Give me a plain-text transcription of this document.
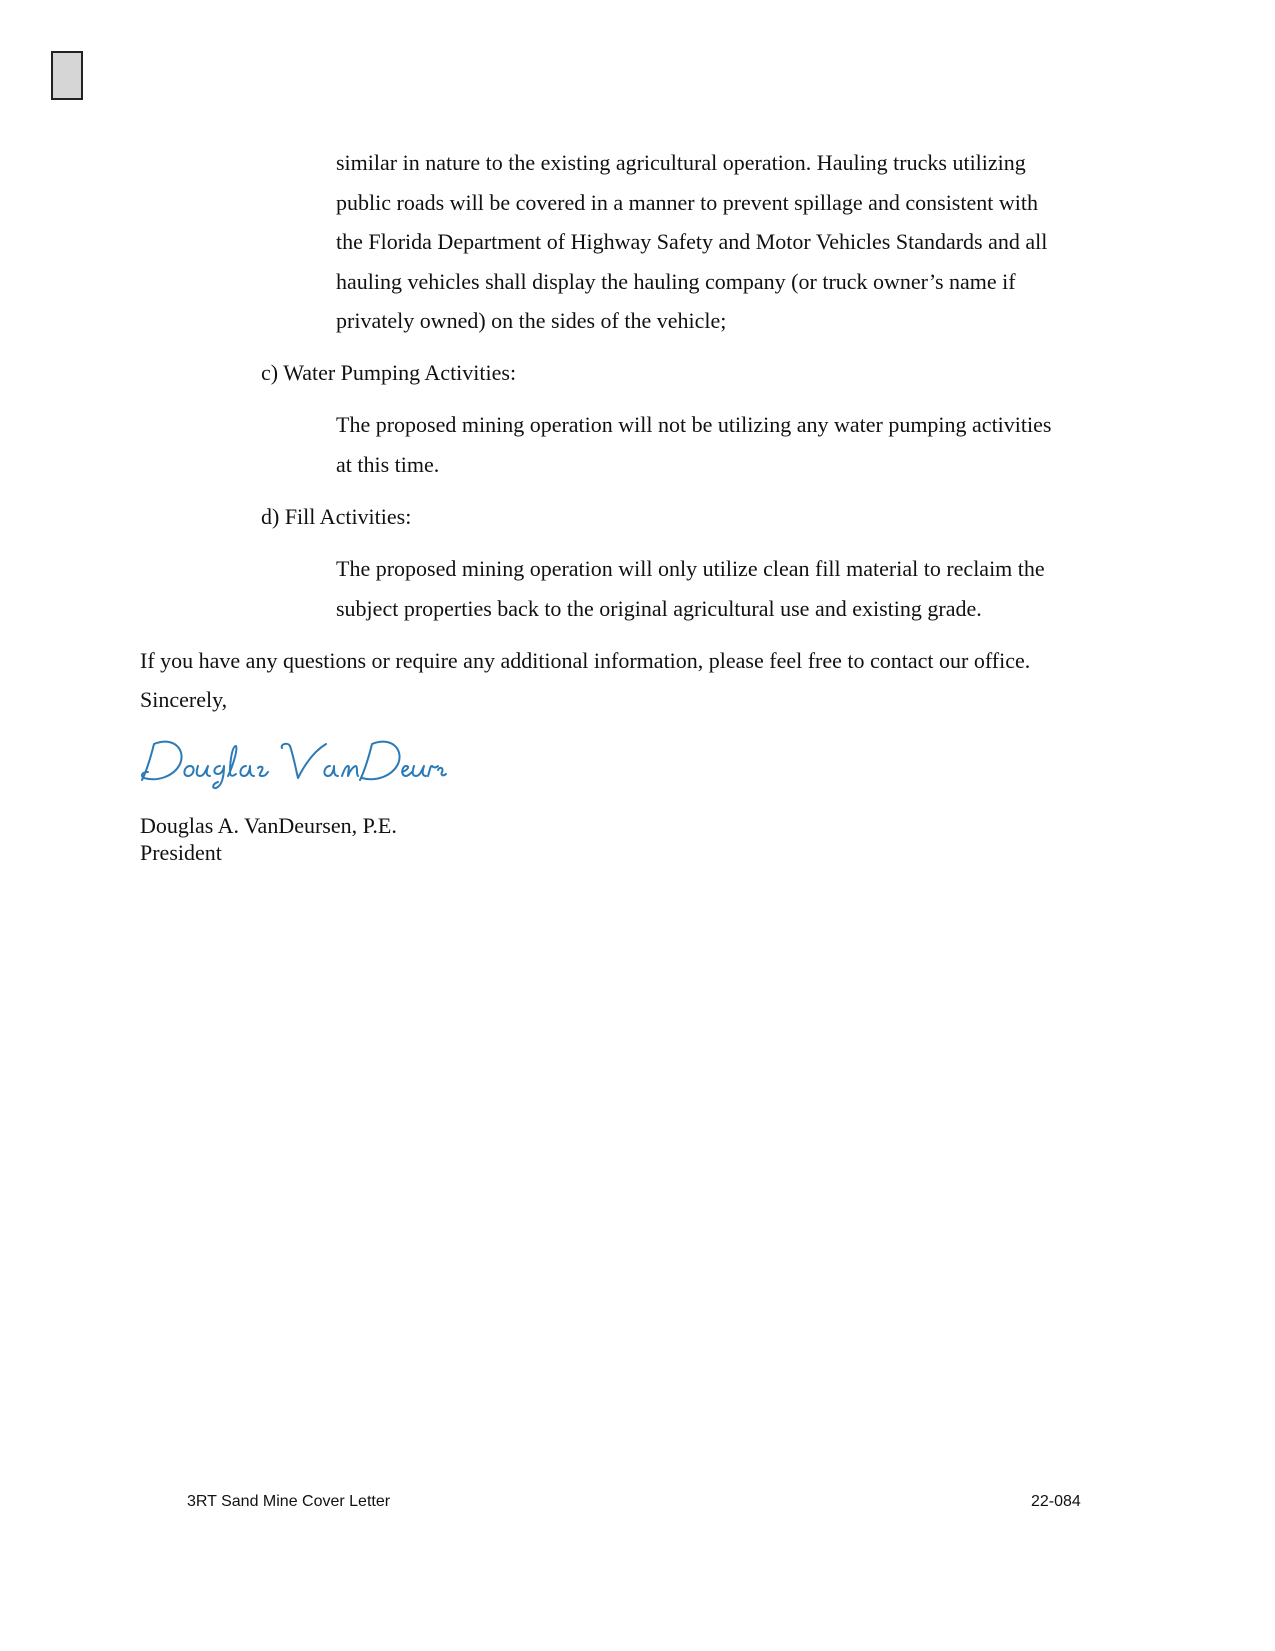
similar in nature to the existing agricultural operation. Hauling trucks utilizing
public roads will be covered in a manner to prevent spillage and consistent with
the Florida Department of Highway Safety and Motor Vehicles Standards and all
hauling vehicles shall display the hauling company (or truck owner’s name if
privately owned) on the sides of the vehicle;
c) Water Pumping Activities:
The proposed mining operation will not be utilizing any water pumping activities
at this time.
d) Fill Activities:
The proposed mining operation will only utilize clean fill material to reclaim the
subject properties back to the original agricultural use and existing grade.
If you have any questions or require any additional information, please feel free to contact our office.
Sincerely,
Douglas A. VanDeursen, P.E.
President
3RT Sand Mine Cover Letter	22-084
